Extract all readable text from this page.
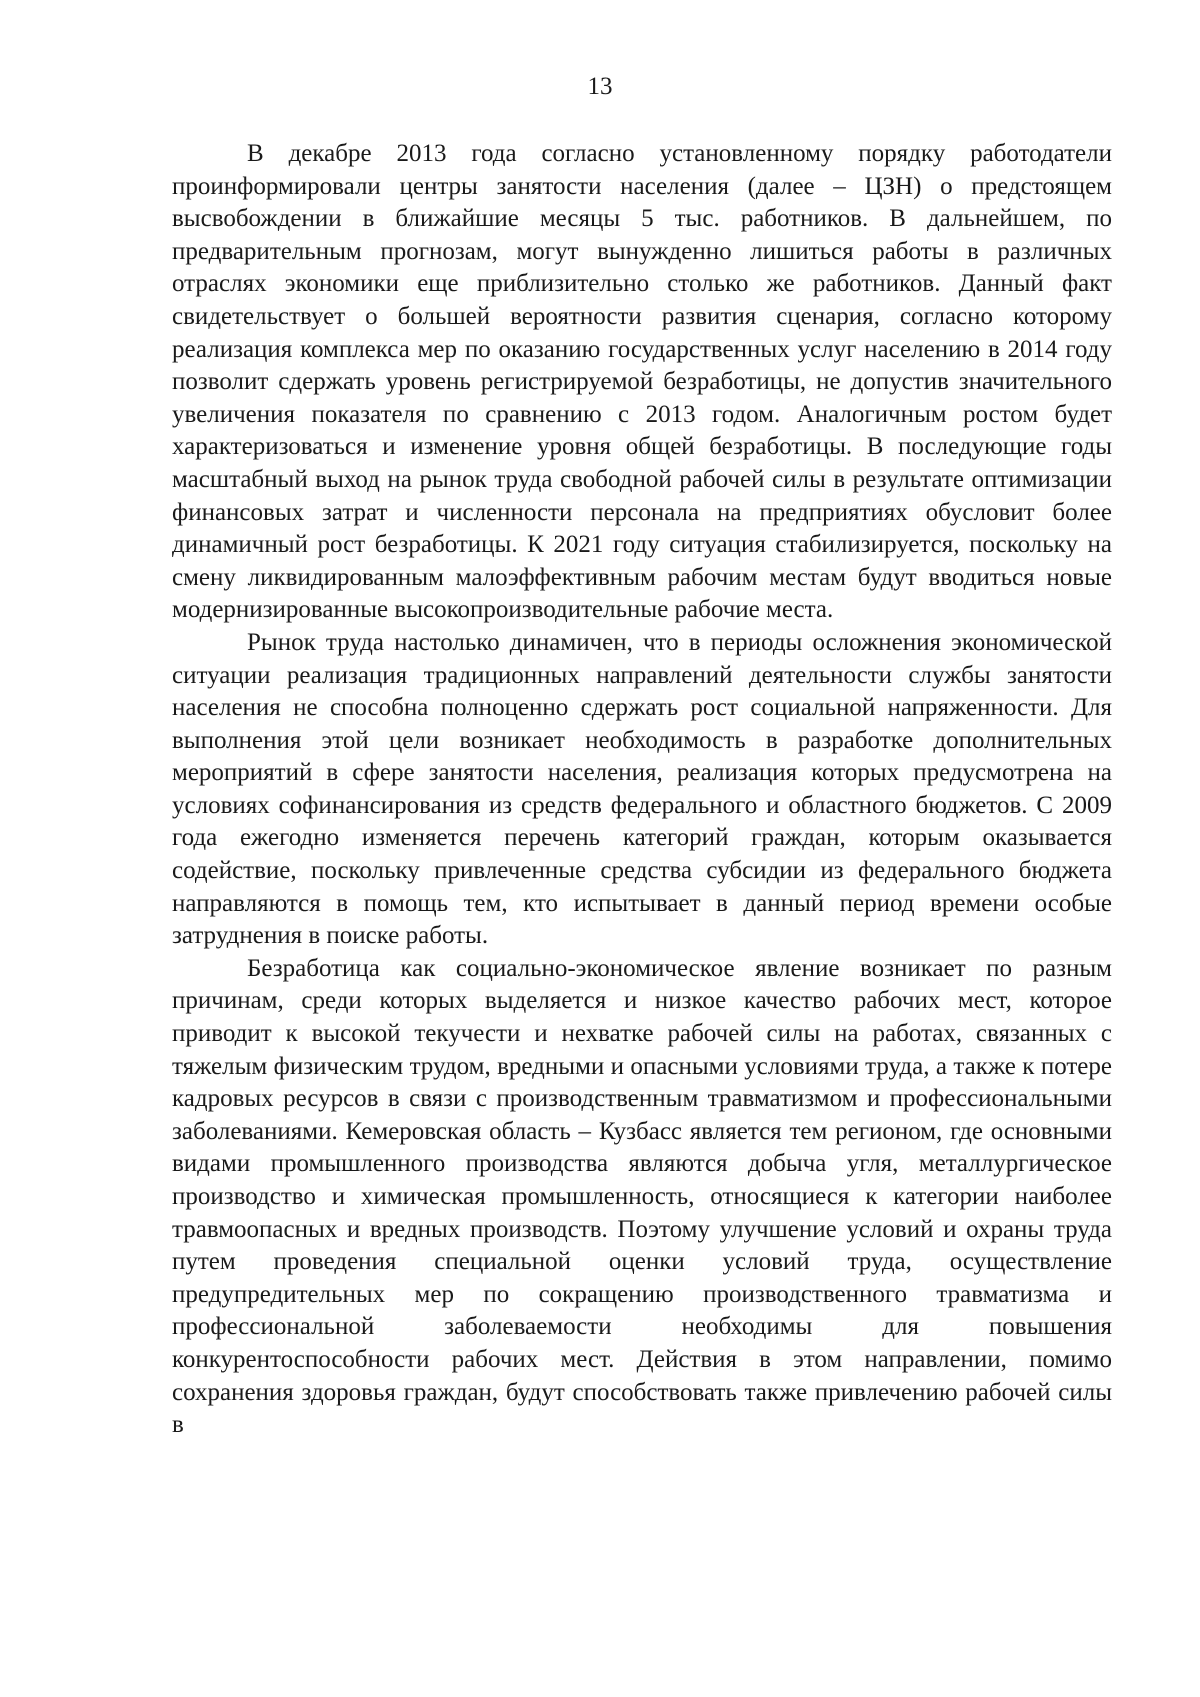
13

В декабре 2013 года согласно установленному порядку работодатели проинформировали центры занятости населения (далее – ЦЗН) о предстоящем высвобождении в ближайшие месяцы 5 тыс. работников. В дальнейшем, по предварительным прогнозам, могут вынужденно лишиться работы в различных отраслях экономики еще приблизительно столько же работников. Данный факт свидетельствует о большей вероятности развития сценария, согласно которому реализация комплекса мер по оказанию государственных услуг населению в 2014 году позволит сдержать уровень регистрируемой безработицы, не допустив значительного увеличения показателя по сравнению с 2013 годом. Аналогичным ростом будет характеризоваться и изменение уровня общей безработицы. В последующие годы масштабный выход на рынок труда свободной рабочей силы в результате оптимизации финансовых затрат и численности персонала на предприятиях обусловит более динамичный рост безработицы. К 2021 году ситуация стабилизируется, поскольку на смену ликвидированным малоэффективным рабочим местам будут вводиться новые модернизированные высокопроизводительные рабочие места.

Рынок труда настолько динамичен, что в периоды осложнения экономической ситуации реализация традиционных направлений деятельности службы занятости населения не способна полноценно сдержать рост социальной напряженности. Для выполнения этой цели возникает необходимость в разработке дополнительных мероприятий в сфере занятости населения, реализация которых предусмотрена на условиях софинансирования из средств федерального и областного бюджетов. С 2009 года ежегодно изменяется перечень категорий граждан, которым оказывается содействие, поскольку привлеченные средства субсидии из федерального бюджета направляются в помощь тем, кто испытывает в данный период времени особые затруднения в поиске работы.

Безработица как социально-экономическое явление возникает по разным причинам, среди которых выделяется и низкое качество рабочих мест, которое приводит к высокой текучести и нехватке рабочей силы на работах, связанных с тяжелым физическим трудом, вредными и опасными условиями труда, а также к потере кадровых ресурсов в связи с производственным травматизмом и профессиональными заболеваниями. Кемеровская область – Кузбасс является тем регионом, где основными видами промышленного производства являются добыча угля, металлургическое производство и химическая промышленность, относящиеся к категории наиболее травмоопасных и вредных производств. Поэтому улучшение условий и охраны труда путем проведения специальной оценки условий труда, осуществление предупредительных мер по сокращению производственного травматизма и профессиональной заболеваемости необходимы для повышения конкурентоспособности рабочих мест. Действия в этом направлении, помимо сохранения здоровья граждан, будут способствовать также привлечению рабочей силы в
